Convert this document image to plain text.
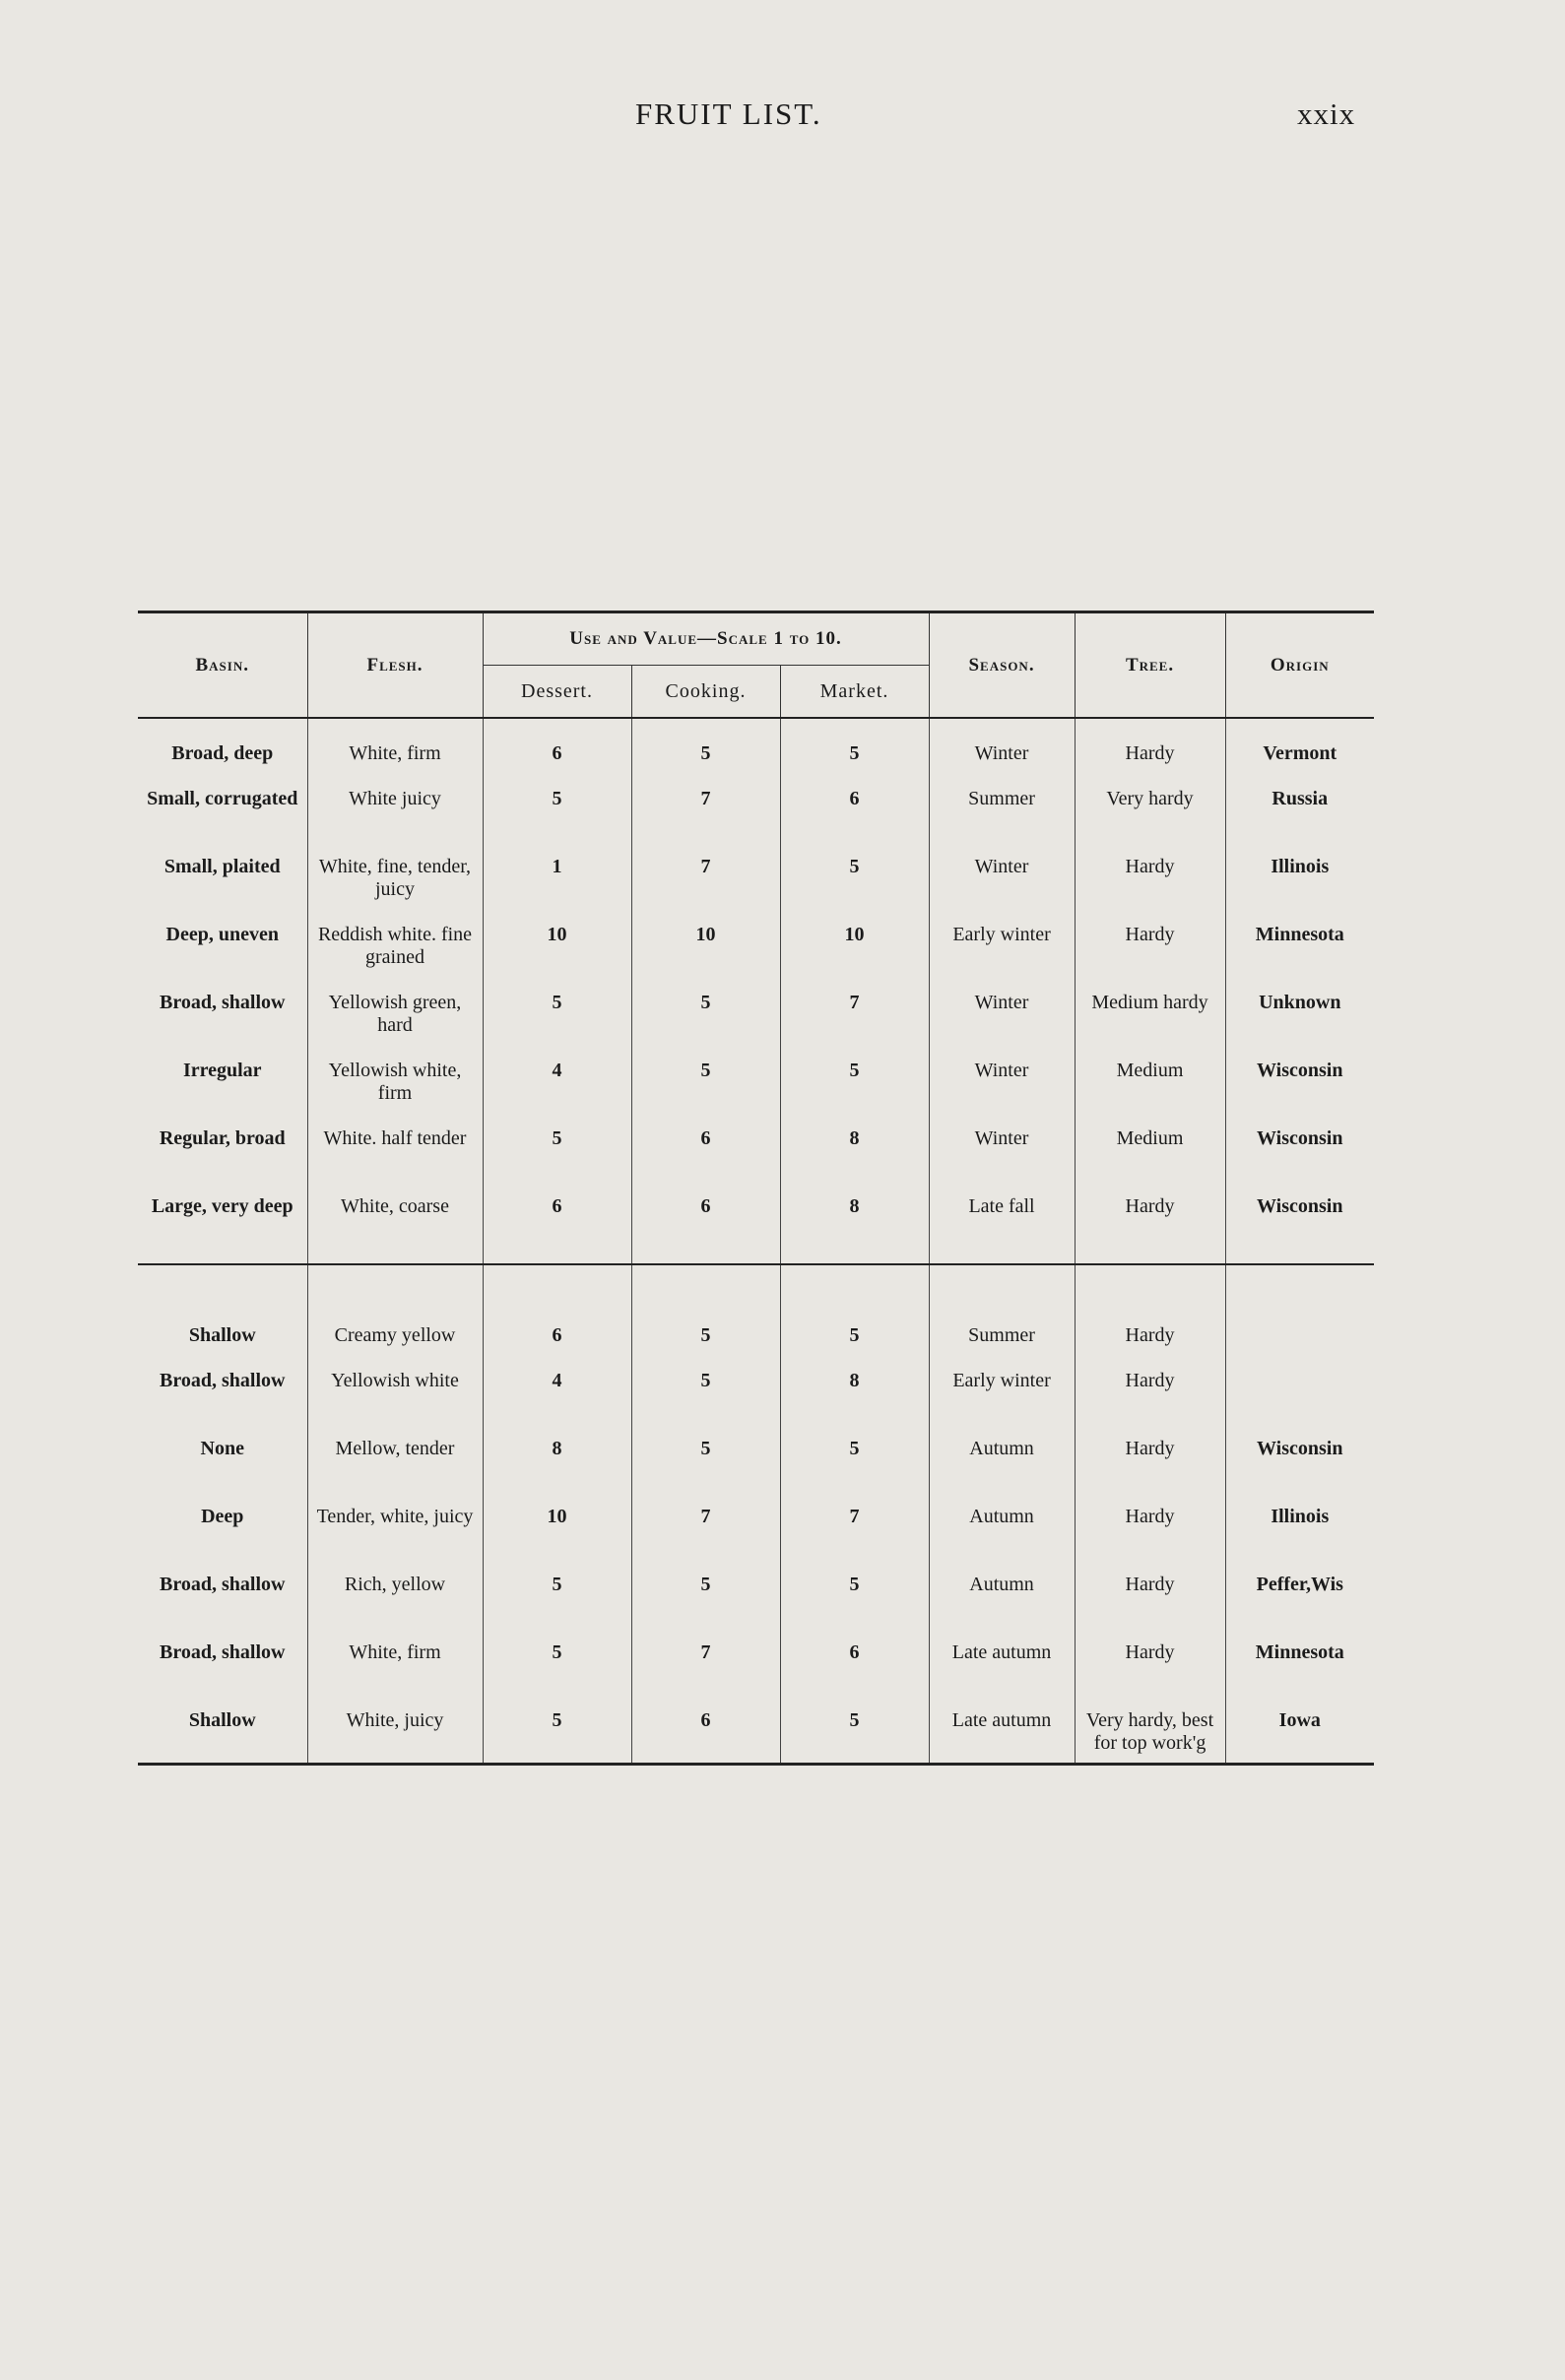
FRUIT LIST.	xxix
Basin.	Flesh.	Use and Value—Scale 1 to 10.			Season.	Tree.	Origin
		Dessert.	Cooking.	Market.			
Broad, deep	White, firm	6	5	5	Winter	Hardy	Vermont
Small, corrugated	White juicy	5	7	6	Summer	Very hardy	Russia
Small, plaited	White, fine, tender, juicy	1	7	5	Winter	Hardy	Illinois
Deep, uneven	Reddish white. fine grained	10	10	10	Early winter	Hardy	Minnesota
Broad, shallow	Yellowish green, hard	5	5	7	Winter	Medium hardy	Unknown
Irregular	Yellowish white, firm	4	5	5	Winter	Medium	Wisconsin
Regular, broad	White. half tender	5	6	8	Winter	Medium	Wisconsin
Large, very deep	White, coarse	6	6	8	Late fall	Hardy	Wisconsin
Shallow	Creamy yellow	6	5	5	Summer	Hardy	
Broad, shallow	Yellowish white	4	5	8	Early winter	Hardy	
None	Mellow, tender	8	5	5	Autumn	Hardy	Wisconsin
Deep	Tender, white, juicy	10	7	7	Autumn	Hardy	Illinois
Broad, shallow	Rich, yellow	5	5	5	Autumn	Hardy	Peffer,Wis
Broad, shallow	White, firm	5	7	6	Late autumn	Hardy	Minnesota
Shallow	White, juicy	5	6	5	Late autumn	Very hardy, best for top work'g	Iowa
